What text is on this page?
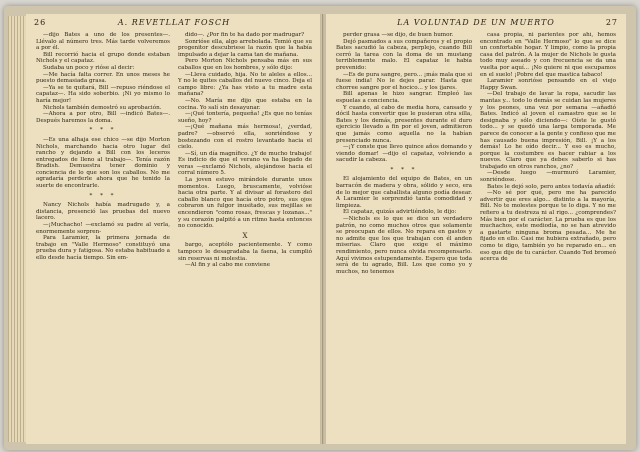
26	A. REVETLLAT FOSCH

—dijo Bates a uno de los presentes—. Llévalo al número tres. Más tarde volveremos a por él.

Bill recorrió hacia el grupo donde estaban Nichols y el capataz.

Sudaba un poco y rióse al decir:

—Me hacía falta correr. En unos meses he puesto demasiada grasa.

—Ya se te quitará, Bill —repuso riéndose el capataz—. Ha sido soberbio. ¡Ni yo mismo lo haría mejor!

Nichols también demostró su aprobación.

—Ahora a por otro, Bill —indicó Bates—. Después haremos la doma.

* * *

—Es una alhaja ese chico —se dijo Morton Nichols, marchando hacia otro lugar del rancho y dejando a Bill con los leceros entregados de lleno al trabajo—. Tenía razón Bradish. Demuestra tener dominio y conciencia de lo que son los caballos. No me agradaría perderle ahora que he tenido la suerte de encontrarle.

* * *

Nancy Nichols había madrugado y, a distancia, presenció las pruebas del nuevo lacero.

—¡Muchacho! —exclamó su padre al verla, enormemente sorpren-

Para Laramier, la primera jornada de trabajo en "Valle Hermoso" constituyó una prueba dura y fatigosa. No estaba habituado a ello desde hacía tiempo. Sin em-

dido—. ¿Por fin te ha dado por madrugar?

Sonrióse ella, algo arrebolada. Temió que su progenitor descubriese la razón que la había impulsado a dejar la cama tan de mañana.

Pero Morton Nichols pensaba más en sus caballos que en los hombres, y sólo dijo:

—Lleva cuidado, hija. No te aleles a ellos... Y no le quites caballos del nuevo cinco. Deja el campo libre: ¿Ya has visto a tu madre esta mañana?

—No. María me dijo que estaba en la cocina. Yo salí sin desayunar.

—¡Qué tontería, pequeña! ¿Es que no tenías sueño, hoy?

—¡Qué mañana más hermosa!, ¿verdad, padre? —observó ella, sonriéndose y bostezando con el rostro levantado hacia el cielo.

—Sí, un día magnífico. ¿Y de mucho trabajo! Es indicio de que el verano va ha llegado de veras —exclamó Nichols, alejándose hacia el corral número 5.

La joven estuvo mirándole durante unos momentos. Luego, bruscamente, volvióse hacia otra parte. Y al divisar al forastero del caballo blanco que hacía otro potro, sus ojos cobraron un fulgor inusitado, sus mejillas se encendieron "como rosas, frescas y lozanas..." y su corazón palpitó a un ritmo hasta entonces no conocido.

X

bargo, aceptólo pacientemente. Y como tampoco le desagradaba la faena, la cumplió sin reservas ni molestia.

—Al fin y al cabo me conviene

LA VOLUNTAD DE UN MUERTO	27

perder grasa —se dijo, de buen humor.

Dejó pasmados a sus compañeros y el propio Bates sacudió la cabeza, perplejo, cuando Bill cerró la tarea con la doma de un mustang terriblemente malo. El capataz le había prevenido:

—Es de pura sangre, pero... ¡más mala que si fuese india! No le dejes parar. Hasta que chorree sangre por el hocico... y los ijares.

Bill apenas le hizo sangrar. Empleó las espuelas a conciencia.

Y cuando, al cabo de media hora, cansado y dócil hasta convertir que le pusieran otra silla, Bates y los demás, presentes durante el duro ejercicio llevado a fin por el joven, admitieron que jamás como aquella no la habían presenciado nunca.

—¡Y conste que llevo quince años domando y viendo domar! —dijo el capataz, volviendo a sacudir la cabeza.

* * *

El alojamiento del equipo de Bates, en un barracón de madera y obra, sólido y seco, era de lo mejor que caballista alguno podía desear. A Laramier le sorprendió tanta comodidad y limpieza.

El capataz, quizás advirtiéndolo, le dijo:

—Nichols es lo que se dice un verdadero patrón, no como muchos otros que solamente se preocupan de ellos. No repara en gastos y no admite que los que trabajan con él anden miserias. Claro que exige el máximo rendimiento, pero nunca olvida recompensarlo. Aquí vivimos estupendamente. Espero que toda será de tu agrado, Bill. Los que como yo y muchos, no tenemos

casa propia, ni parientes por ahí, hemos encontrado en "Valle Hermoso" lo que se dice un confortable hogar. Y limpio, como la propia casa del patrón. A la mujer de Nichols le gusta todo muy aseado y con frecuencia se da una vuelta por aquí... ¡No quiere ni que escupamos en el suelo! ¡Pobre del que mastica tabaco!

Laramier sonrióse pensando en el viejo Happy Swan.

—Del trabajo de lavar la ropa, sacudir las mantas y... todo lo demás se cuidan las mujeres y los peones, una vez por semana —añadió Bates. Indicó al joven el camastro que se le designaba y sólo diciendo—: Oíste le gustó todo... y se quedó una larga temporada. Me parece de conocer a la gente y confieso que me has causado buena impresión, Bill. ¡Y a los demás! Lo he oído decir... Y eso es mucho, porque la costumbre es hacer rabiar a los nuevos. Claro que ya debes saberlo si has trabajado en otros ranchos, ¿no?

—Desde luego —murmuró Laramier, sonriéndose.

Bates le dejó solo, pero antes todavía añadió:

—No sé por qué, pero me ha parecido advertir que eres algo... distinto a la mayoría, Bill. No te molestes porque te lo diga. Y no me refiero a tu destreza ni al rigo... ¿comprendes? Más bien por el carácter. La prueba es que los muchachos, este mediodía, no se han atrevido a gastarte ninguna broma pesada... Me he fijado en ello. Casi me hubiera extrañado, pero como te digo, también yo he reparado en... en eso que dije de tu carácter. Cuando Ted bromeó acerca de
